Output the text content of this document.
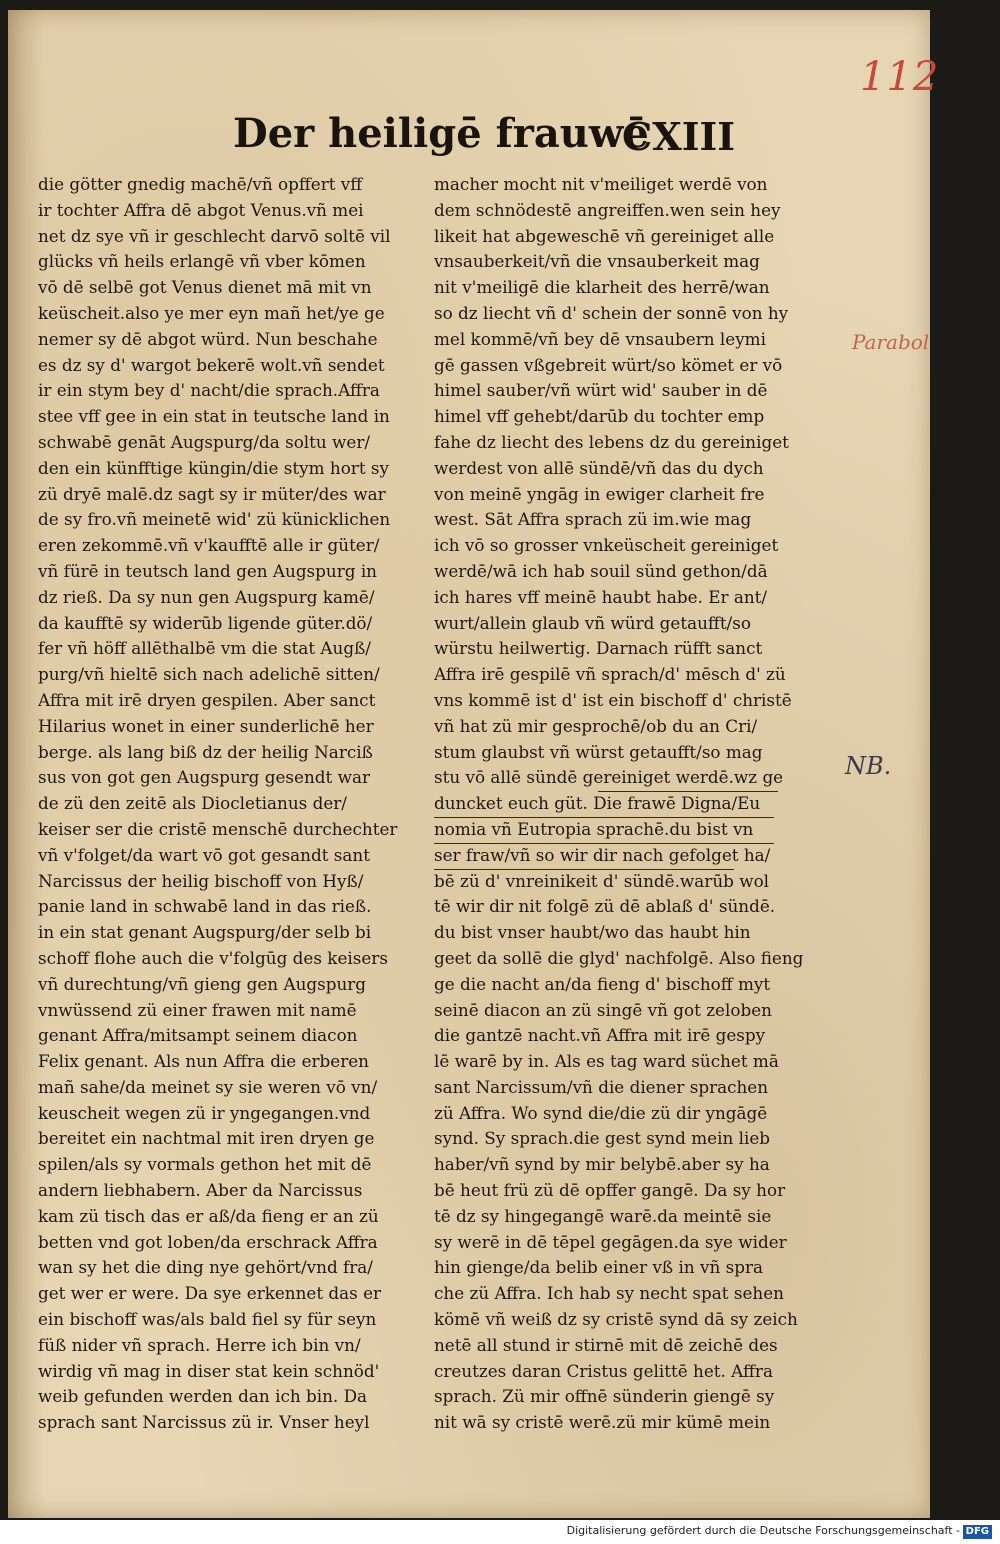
112
Der heiligē frauwē
CXIII
die götter gnedig machē/vñ opffert vff
ir tochter Affra dē abgot Venus.vñ mei
net dz sye vñ ir geschlecht darvō soltē vil
glücks vñ heils erlangē vñ vber kōmen
vō dē selbē got Venus dienet mā mit vn
keüscheit.also ye mer eyn mañ het/ye ge
nemer sy dē abgot würd. Nun beschahe
es dz sy d' wargot bekerē wolt.vñ sendet
ir ein stym bey d' nacht/die sprach.Affra
stee vff gee in ein stat in teutsche land in
schwabē genāt Augspurg/da soltu wer/
den ein künfftige küngin/die stym hort sy
zü dryē malē.dz sagt sy ir müter/des war
de sy fro.vñ meinetē wid' zü künicklichen
eren zekommē.vñ v'kaufftē alle ir güter/
vñ fürē in teutsch land gen Augspurg in
dz rieß. Da sy nun gen Augspurg kamē/
da kaufftē sy widerūb ligende güter.dö/
fer vñ höff allēthalbē vm die stat Augß/
purg/vñ hieltē sich nach adelichē sitten/
Affra mit irē dryen gespilen. Aber sanct
Hilarius wonet in einer sunderlichē her
berge. als lang biß dz der heilig Narciß
sus von got gen Augspurg gesendt war
de zü den zeitē als Diocletianus der/
keiser ser die cristē menschē durchechter
vñ v'folget/da wart vō got gesandt sant
Narcissus der heilig bischoff von Hyß/
panie land in schwabē land in das rieß.
in ein stat genant Augspurg/der selb bi
schoff flohe auch die v'folgūg des keisers
vñ durechtung/vñ gieng gen Augspurg
vnwüssend zü einer frawen mit namē
genant Affra/mitsampt seinem diacon
Felix genant. Als nun Affra die erberen
mañ sahe/da meinet sy sie weren vō vn/
keuscheit wegen zü ir yngegangen.vnd
bereitet ein nachtmal mit iren dryen ge
spilen/als sy vormals gethon het mit dē
andern liebhabern. Aber da Narcissus
kam zü tisch das er aß/da fieng er an zü
betten vnd got loben/da erschrack Affra
wan sy het die ding nye gehört/vnd fra/
get wer er were. Da sye erkennet das er
ein bischoff was/als bald fiel sy für seyn
füß nider vñ sprach. Herre ich bin vn/
wirdig vñ mag in diser stat kein schnöd'
weib gefunden werden dan ich bin. Da
sprach sant Narcissus zü ir. Vnser heyl
macher mocht nit v'meiliget werdē von
dem schnödestē angreiffen.wen sein hey
likeit hat abgeweschē vñ gereiniget alle
vnsauberkeit/vñ die vnsauberkeit mag
nit v'meiligē die klarheit des herrē/wan
so dz liecht vñ d' schein der sonnē von hy
mel kommē/vñ bey dē vnsaubern leymi
gē gassen vßgebreit würt/so kömet er vō
himel sauber/vñ würt wid' sauber in dē
himel vff gehebt/darūb du tochter emp
fahe dz liecht des lebens dz du gereiniget
werdest von allē sündē/vñ das du dych
von meinē yngāg in ewiger clarheit fre
west. Sāt Affra sprach zü im.wie mag
ich vō so grosser vnkeüscheit gereiniget
werdē/wā ich hab souil sünd gethon/dā
ich hares vff meinē haubt habe. Er ant/
wurt/allein glaub vñ würd getaufft/so
würstu heilwertig. Darnach rüfft sanct
Affra irē gespilē vñ sprach/d' mēsch d' zü
vns kommē ist d' ist ein bischoff d' christē
vñ hat zü mir gesprochē/ob du an Cri/
stum glaubst vñ würst getaufft/so mag
stu vō allē sündē gereiniget werdē.wz ge
duncket euch güt. Die frawē Digna/Eu
nomia vñ Eutropia sprachē.du bist vn
ser fraw/vñ so wir dir nach gefolget ha/
bē zü d' vnreinikeit d' sündē.warūb wol
tē wir dir nit folgē zü dē ablaß d' sündē.
du bist vnser haubt/wo das haubt hin
geet da sollē die glyd' nachfolgē. Also fieng
ge die nacht an/da fieng d' bischoff myt
seinē diacon an zü singē vñ got zeloben
die gantzē nacht.vñ Affra mit irē gespy
lē warē by in. Als es tag ward süchet mā
sant Narcissum/vñ die diener sprachen
zü Affra. Wo synd die/die zü dir yngāgē
synd. Sy sprach.die gest synd mein lieb
haber/vñ synd by mir belybē.aber sy ha
bē heut frü zü dē opffer gangē. Da sy hor
tē dz sy hingegangē warē.da meintē sie
sy werē in dē tēpel gegāgen.da sye wider
hin gienge/da belib einer vß in vñ spra
che zü Affra. Ich hab sy necht spat sehen
kömē vñ weiß dz sy cristē synd dā sy zeich
netē all stund ir stirnē mit dē zeichē des
creutzes daran Cristus gelittē het. Affra
sprach. Zü mir offnē sünderin giengē sy
nit wā sy cristē werē.zü mir kümē mein
Parabol
NB.
Digitalisierung gefördert durch die Deutsche Forschungsgemeinschaft - DFG
